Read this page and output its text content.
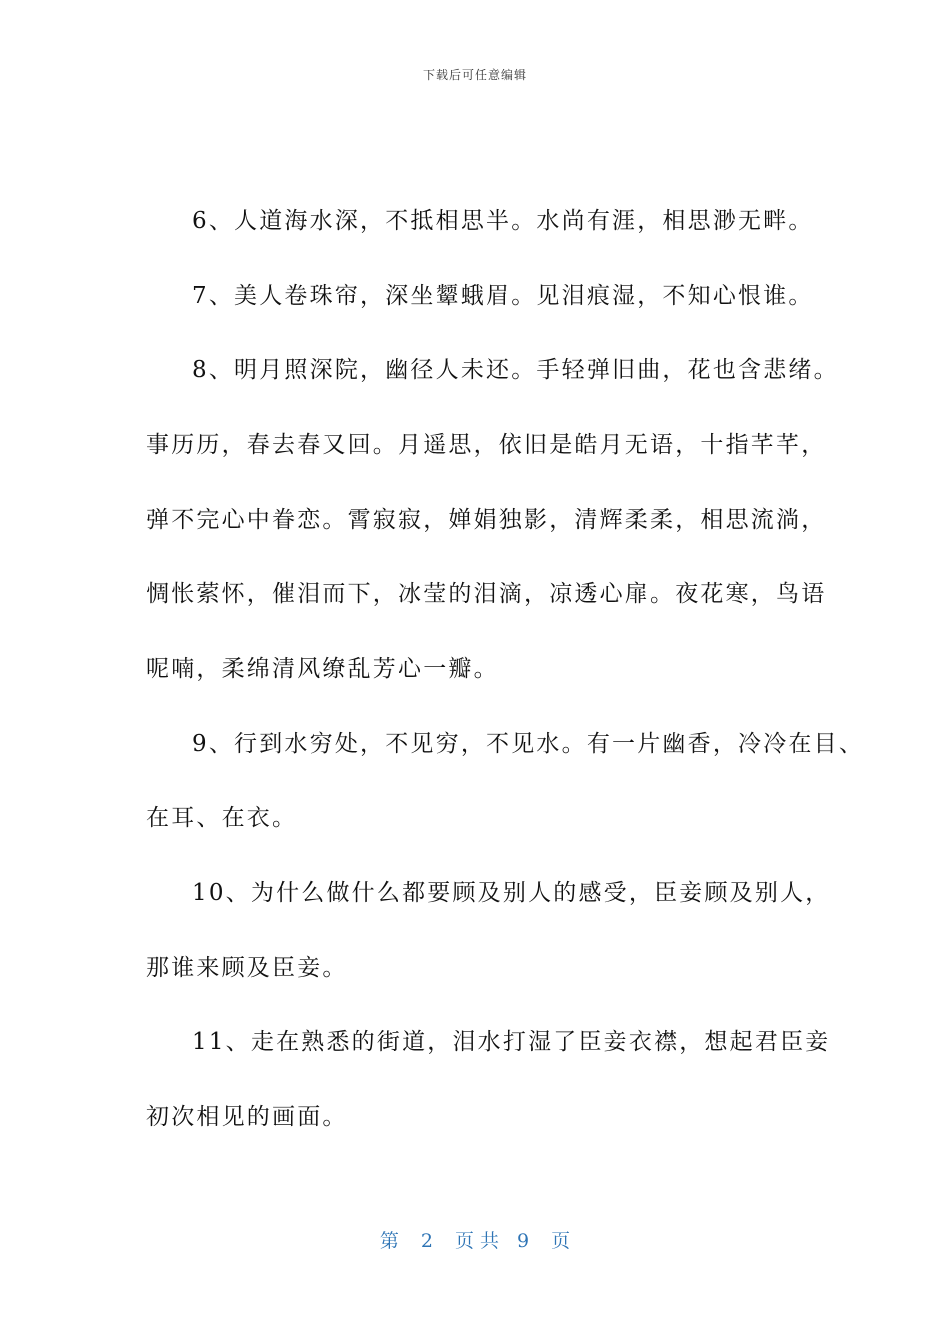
下载后可任意编辑
6、人道海水深，不抵相思半。水尚有涯，相思渺无畔。
7、美人卷珠帘，深坐颦蛾眉。见泪痕湿，不知心恨谁。
8、明月照深院，幽径人未还。手轻弹旧曲，花也含悲绪。
事历历，春去春又回。月遥思，依旧是皓月无语，十指芊芊，
弹不完心中眷恋。霄寂寂，婵娟独影，清辉柔柔，相思流淌，
惆怅萦怀，催泪而下，冰莹的泪滴，凉透心扉。夜花寒，鸟语
呢喃，柔绵清风缭乱芳心一瓣。
9、行到水穷处，不见穷，不见水。有一片幽香，冷冷在目、
在耳、在衣。
10、为什么做什么都要顾及别人的感受，臣妾顾及别人，
那谁来顾及臣妾。
11、走在熟悉的街道，泪水打湿了臣妾衣襟，想起君臣妾
初次相见的画面。
第 2 页共 9 页
